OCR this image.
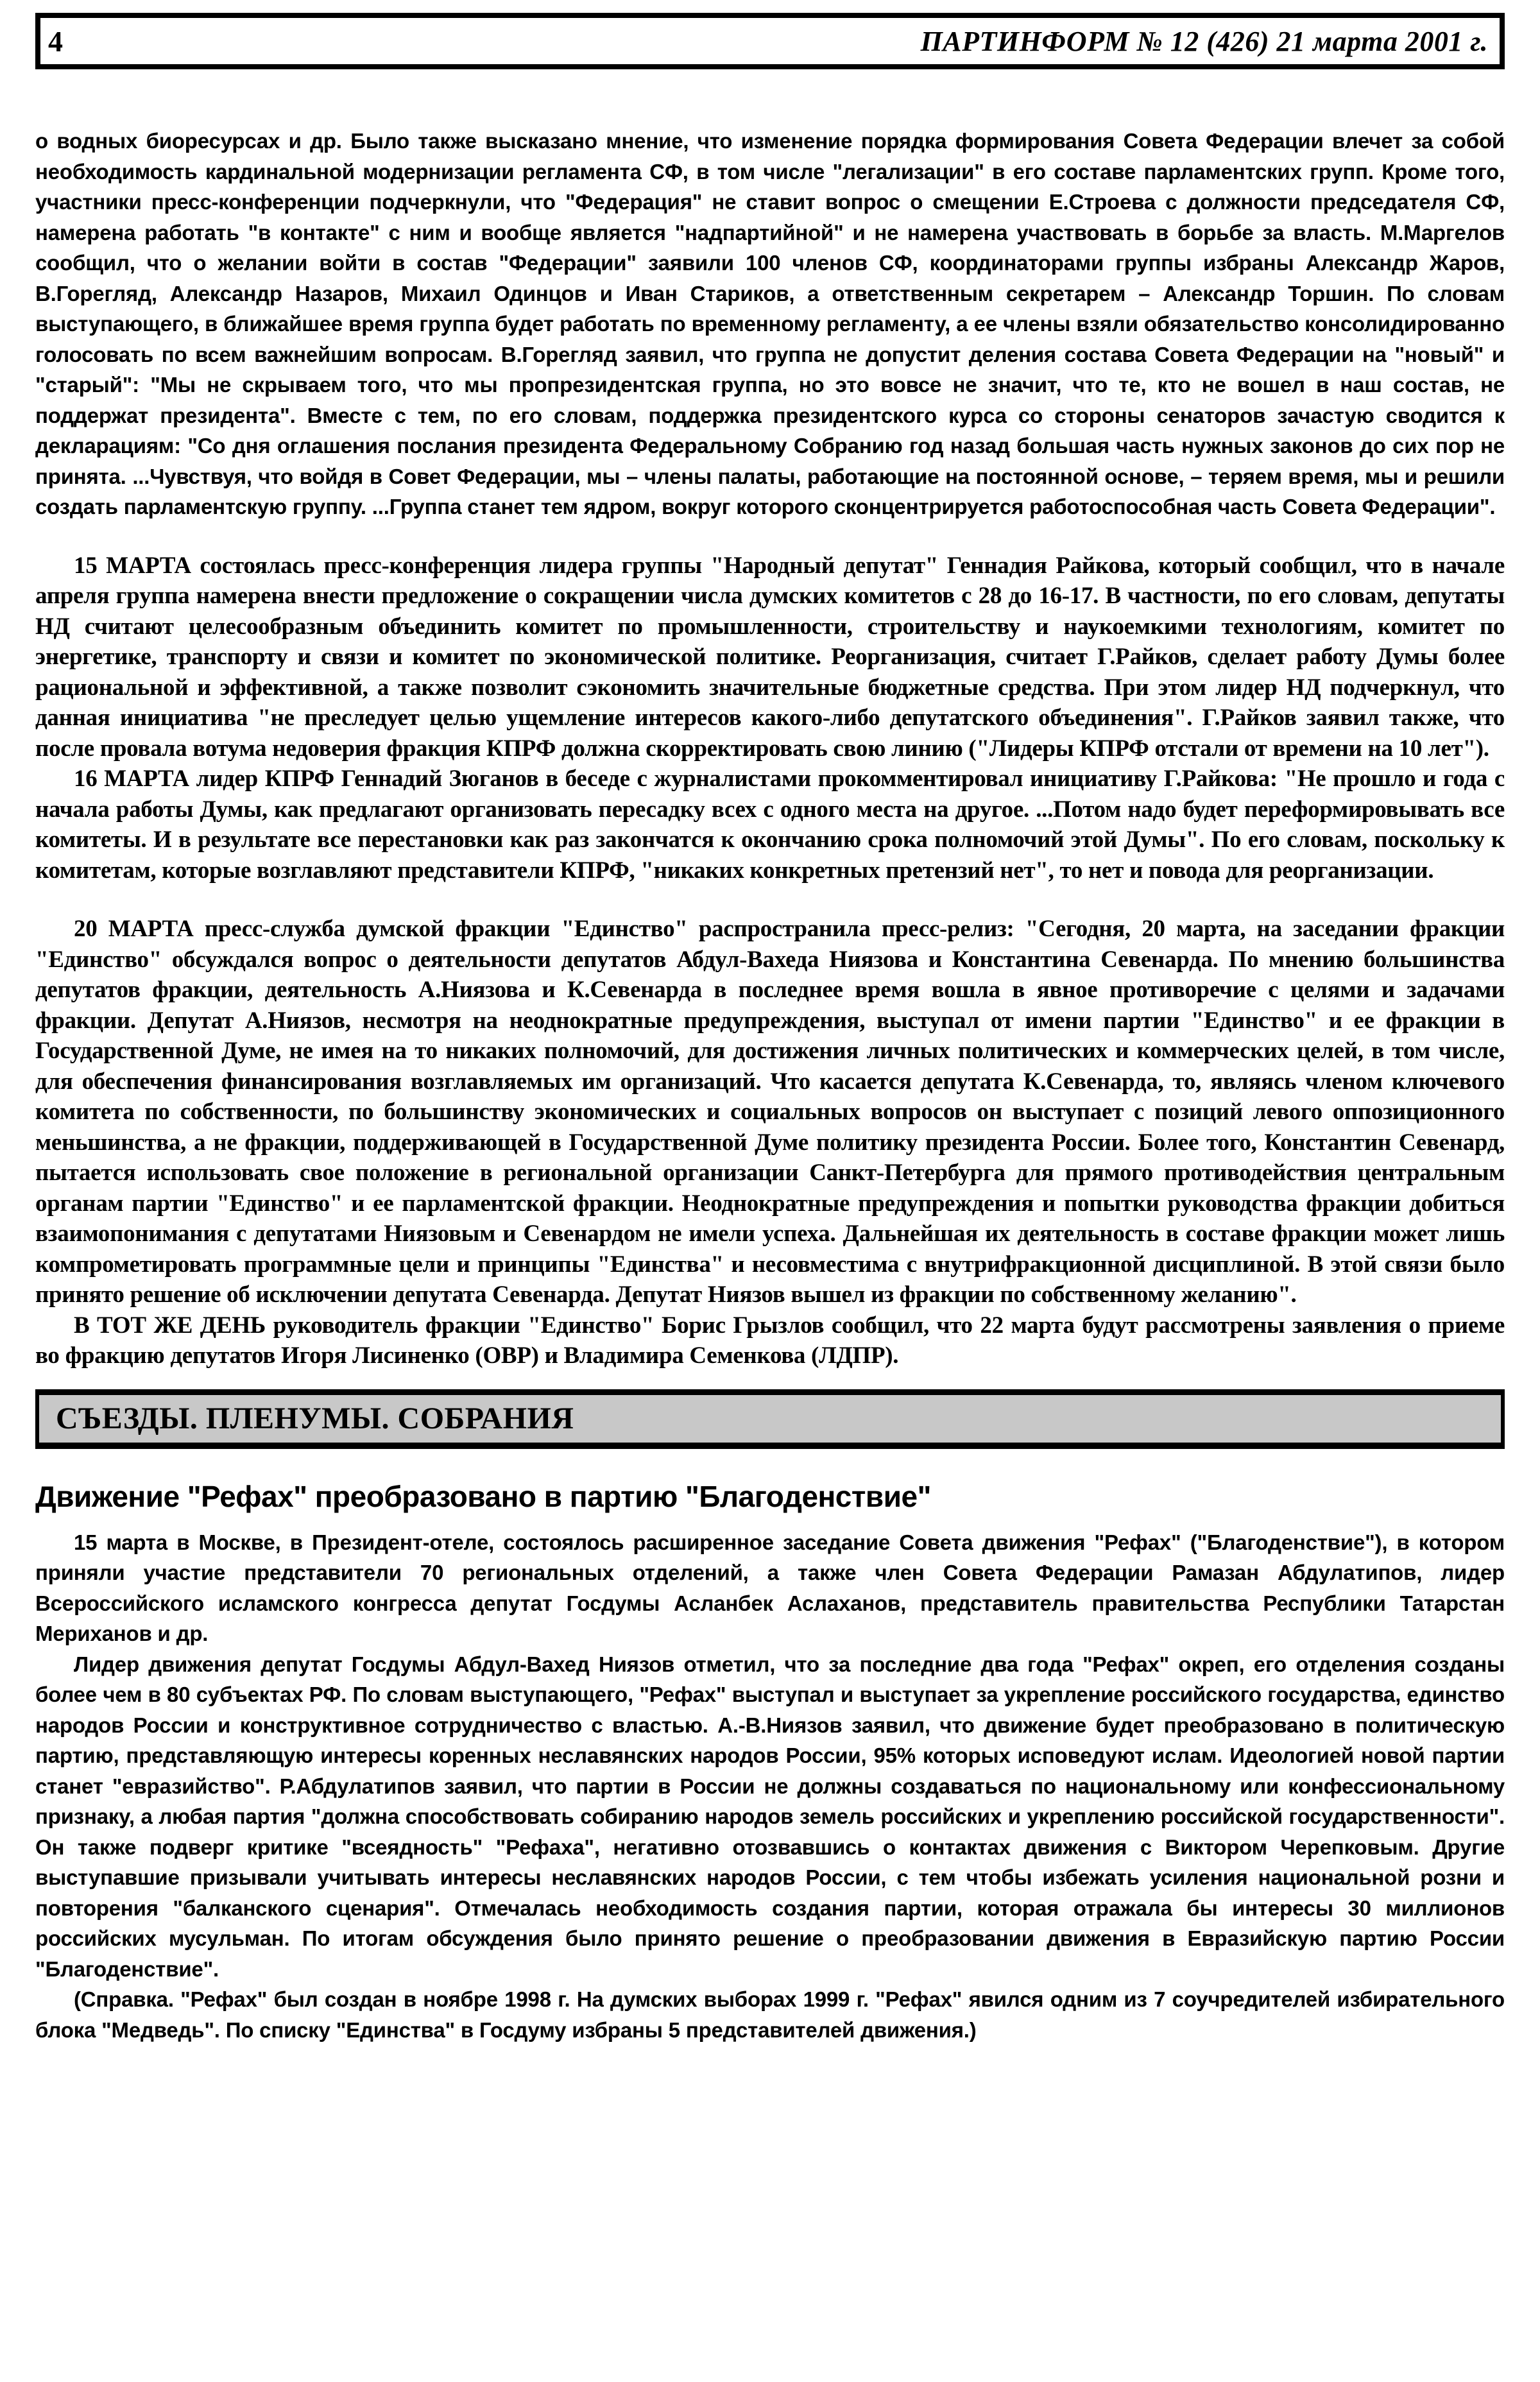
4	ПАРТИНФОРМ № 12 (426) 21 марта 2001 г.
о водных биоресурсах и др. Было также высказано мнение, что изменение порядка формирования Совета Федерации влечет за собой необходимость кардинальной модернизации регламента СФ, в том числе "легализации" в его составе парламентских групп. Кроме того, участники пресс-конференции подчеркнули, что "Федерация" не ставит вопрос о смещении Е.Строева с должности председателя СФ, намерена работать "в контакте" с ним и вообще является "надпартийной" и не намерена участвовать в борьбе за власть. М.Маргелов сообщил, что о желании войти в состав "Федерации" заявили 100 членов СФ, координаторами группы избраны Александр Жаров, В.Горегляд, Александр Назаров, Михаил Одинцов и Иван Стариков, а ответственным секретарем – Александр Торшин. По словам выступающего, в ближайшее время группа будет работать по временному регламенту, а ее члены взяли обязательство консолидированно голосовать по всем важнейшим вопросам. В.Горегляд заявил, что группа не допустит деления состава Совета Федерации на "новый" и "старый": "Мы не скрываем того, что мы пропрезидентская группа, но это вовсе не значит, что те, кто не вошел в наш состав, не поддержат президента". Вместе с тем, по его словам, поддержка президентского курса со стороны сенаторов зачастую сводится к декларациям: "Со дня оглашения послания президента Федеральному Собранию год назад большая часть нужных законов до сих пор не принята. ...Чувствуя, что войдя в Совет Федерации, мы – члены палаты, работающие на постоянной основе, – теряем время, мы и решили создать парламентскую группу. ...Группа станет тем ядром, вокруг которого сконцентрируется работоспособная часть Совета Федерации".
15 МАРТА состоялась пресс-конференция лидера группы "Народный депутат" Геннадия Райкова, который сообщил, что в начале апреля группа намерена внести предложение о сокращении числа думских комитетов с 28 до 16-17. В частности, по его словам, депутаты НД считают целесообразным объединить комитет по промышленности, строительству и наукоемкими технологиям, комитет по энергетике, транспорту и связи и комитет по экономической политике. Реорганизация, считает Г.Райков, сделает работу Думы более рациональной и эффективной, а также позволит сэкономить значительные бюджетные средства. При этом лидер НД подчеркнул, что данная инициатива "не преследует целью ущемление интересов какого-либо депутатского объединения". Г.Райков заявил также, что после провала вотума недоверия фракция КПРФ должна скорректировать свою линию ("Лидеры КПРФ отстали от времени на 10 лет").
16 МАРТА лидер КПРФ Геннадий Зюганов в беседе с журналистами прокомментировал инициативу Г.Райкова: "Не прошло и года с начала работы Думы, как предлагают организовать пересадку всех с одного места на другое. ...Потом надо будет переформировывать все комитеты. И в результате все перестановки как раз закончатся к окончанию срока полномочий этой Думы". По его словам, поскольку к комитетам, которые возглавляют представители КПРФ, "никаких конкретных претензий нет", то нет и повода для реорганизации.
20 МАРТА пресс-служба думской фракции "Единство" распространила пресс-релиз: "Сегодня, 20 марта, на заседании фракции "Единство" обсуждался вопрос о деятельности депутатов Абдул-Вахеда Ниязова и Константина Севенарда. По мнению большинства депутатов фракции, деятельность А.Ниязова и К.Севенарда в последнее время вошла в явное противоречие с целями и задачами фракции. Депутат А.Ниязов, несмотря на неоднократные предупреждения, выступал от имени партии "Единство" и ее фракции в Государственной Думе, не имея на то никаких полномочий, для достижения личных политических и коммерческих целей, в том числе, для обеспечения финансирования возглавляемых им организаций. Что касается депутата К.Севенарда, то, являясь членом ключевого комитета по собственности, по большинству экономических и социальных вопросов он выступает с позиций левого оппозиционного меньшинства, а не фракции, поддерживающей в Государственной Думе политику президента России. Более того, Константин Севенард, пытается использовать свое положение в региональной организации Санкт-Петербурга для прямого противодействия центральным органам партии "Единство" и ее парламентской фракции. Неоднократные предупреждения и попытки руководства фракции добиться взаимопонимания с депутатами Ниязовым и Севенардом не имели успеха. Дальнейшая их деятельность в составе фракции может лишь компрометировать программные цели и принципы "Единства" и несовместима с внутрифракционной дисциплиной. В этой связи было принято решение об исключении депутата Севенарда. Депутат Ниязов вышел из фракции по собственному желанию".
В ТОТ ЖЕ ДЕНЬ руководитель фракции "Единство" Борис Грызлов сообщил, что 22 марта будут рассмотрены заявления о приеме во фракцию депутатов Игоря Лисиненко (ОВР) и Владимира Семенкова (ЛДПР).
СЪЕЗДЫ. ПЛЕНУМЫ. СОБРАНИЯ
Движение "Рефах" преобразовано в партию "Благоденствие"
15 марта в Москве, в Президент-отеле, состоялось расширенное заседание Совета движения "Рефах" ("Благоденствие"), в котором приняли участие представители 70 региональных отделений, а также член Совета Федерации Рамазан Абдулатипов, лидер Всероссийского исламского конгресса депутат Госдумы Асланбек Аслаханов, представитель правительства Республики Татарстан Мериханов и др.
Лидер движения депутат Госдумы Абдул-Вахед Ниязов отметил, что за последние два года "Рефах" окреп, его отделения созданы более чем в 80 субъектах РФ. По словам выступающего, "Рефах" выступал и выступает за укрепление российского государства, единство народов России и конструктивное сотрудничество с властью. А.-В.Ниязов заявил, что движение будет преобразовано в политическую партию, представляющую интересы коренных неславянских народов России, 95% которых исповедуют ислам. Идеологией новой партии станет "евразийство". Р.Абдулатипов заявил, что партии в России не должны создаваться по национальному или конфессиональному признаку, а любая партия "должна способствовать собиранию народов земель российских и укреплению российской государственности". Он также подверг критике "всеядность" "Рефаха", негативно отозвавшись о контактах движения с Виктором Черепковым. Другие выступавшие призывали учитывать интересы неславянских народов России, с тем чтобы избежать усиления национальной розни и повторения "балканского сценария". Отмечалась необходимость создания партии, которая отражала бы интересы 30 миллионов российских мусульман. По итогам обсуждения было принято решение о преобразовании движения в Евразийскую партию России "Благоденствие".
(Справка. "Рефах" был создан в ноябре 1998 г. На думских выборах 1999 г. "Рефах" явился одним из 7 соучредителей избирательного блока "Медведь". По списку "Единства" в Госдуму избраны 5 представителей движения.)
